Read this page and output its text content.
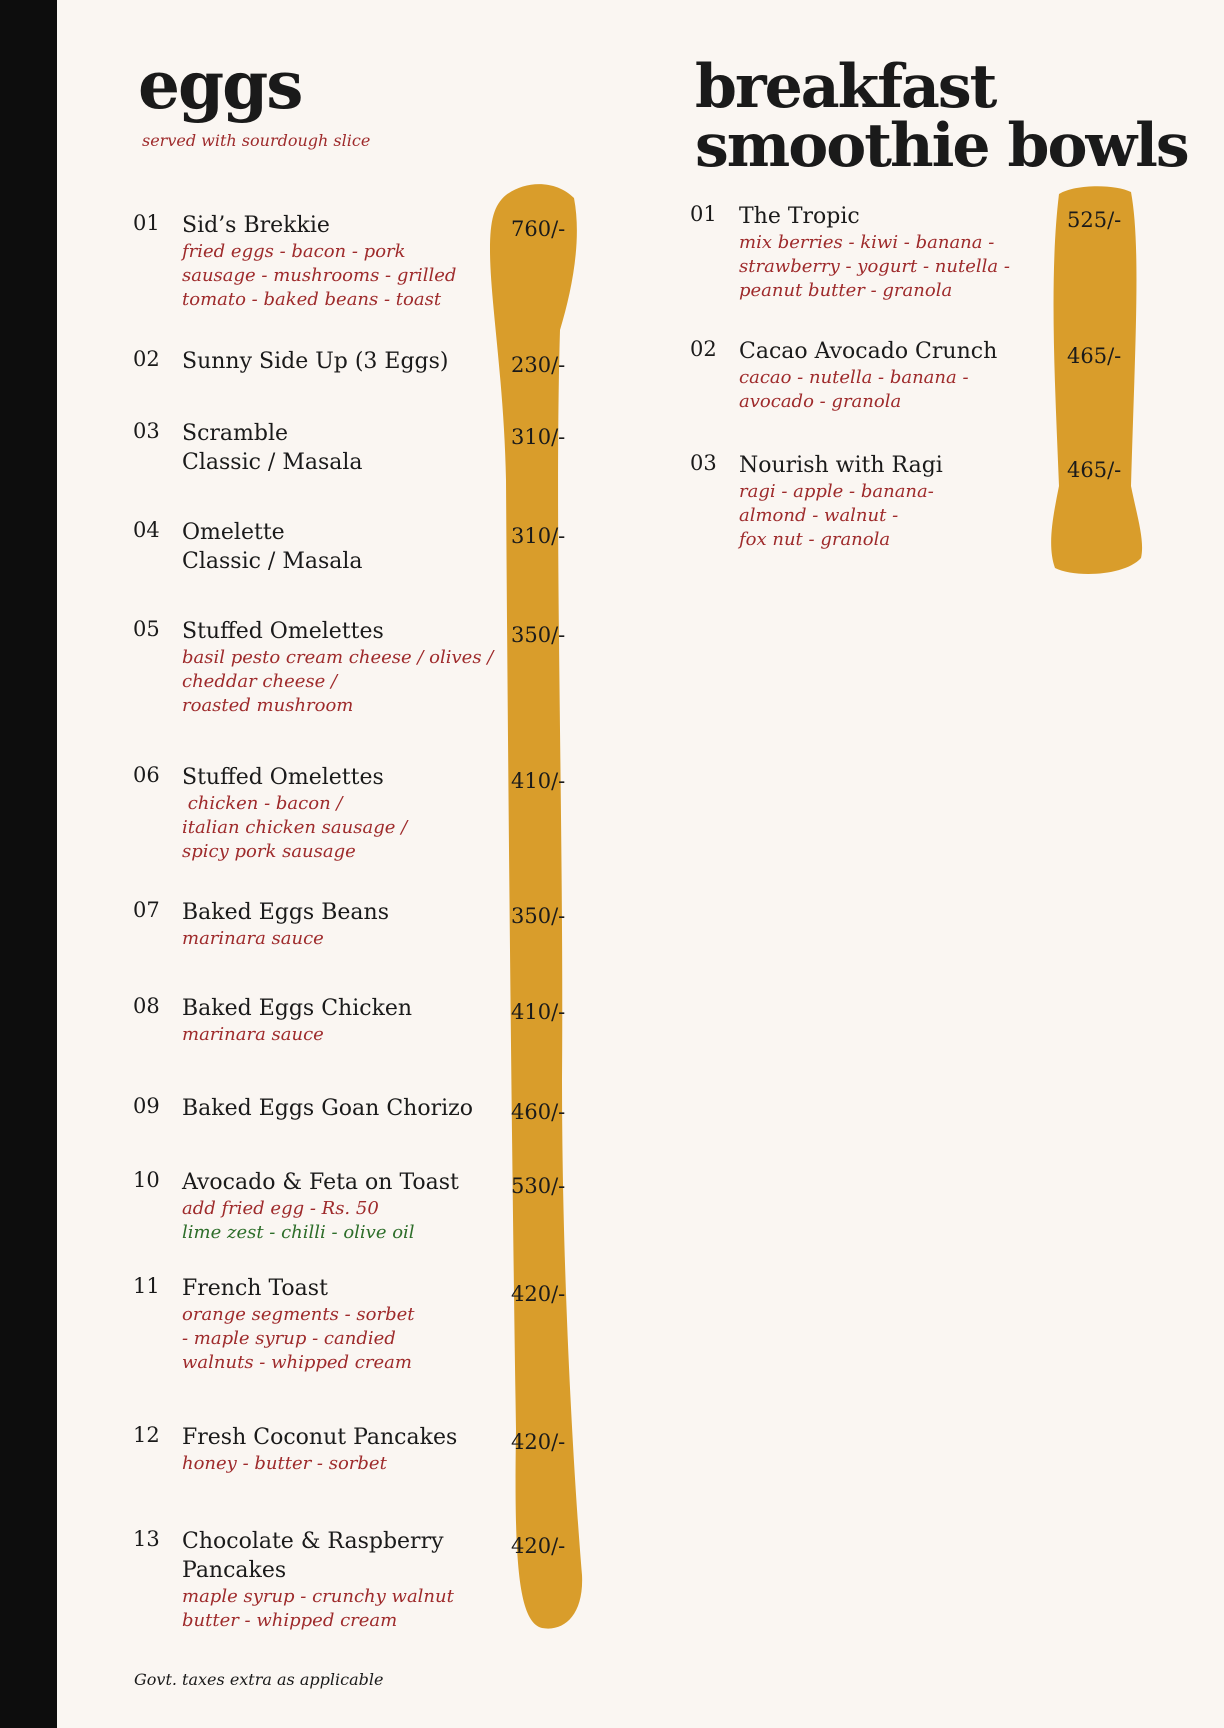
eggs
served with sourdough slice
01 Sid’s Brekkie
fried eggs - bacon - pork
sausage - mushrooms - grilled
tomato - baked beans - toast
760/-
02 Sunny Side Up (3 Eggs)	230/-
03 Scramble
Classic / Masala
310/-
04 Omelette
Classic / Masala
310/-
05 Stuffed Omelettes
basil pesto cream cheese / olives /
cheddar cheese /
roasted mushroom
350/-
06 Stuffed Omelettes
chicken - bacon /
italian chicken sausage /
spicy pork sausage
410/-
07 Baked Eggs Beans
marinara sauce
350/-
08 Baked Eggs Chicken
marinara sauce
410/-
09 Baked Eggs Goan Chorizo 460/-
10 Avocado & Feta on Toast
add fried egg - Rs. 50
lime zest - chilli - olive oil
530/-
11 French Toast
orange segments - sorbet
- maple syrup - candied
walnuts - whipped cream
420/-
12 Fresh Coconut Pancakes
honey - butter - sorbet
420/-
13 Chocolate & Raspberry
Pancakes
maple syrup - crunchy walnut
butter - whipped cream
420/-
breakfast
smoothie bowls
01 The Tropic
mix berries - kiwi - banana -
strawberry - yogurt - nutella -
peanut butter - granola
525/-
02 Cacao Avocado Crunch
cacao - nutella - banana -
avocado - granola
465/-
03 Nourish with Ragi
ragi - apple - banana-
almond - walnut -
fox nut - granola
465/-
Govt. taxes extra as applicable
